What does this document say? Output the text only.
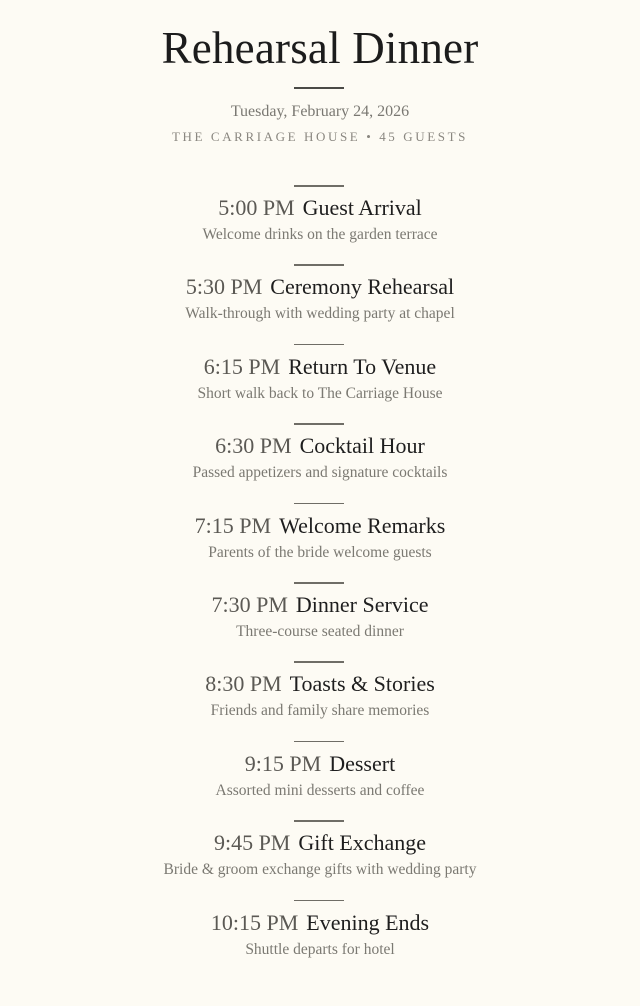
Rehearsal Dinner
Tuesday, February 24, 2026
THE CARRIAGE HOUSE • 45 GUESTS
5:00 PM Guest Arrival
Welcome drinks on the garden terrace
5:30 PM Ceremony Rehearsal
Walk-through with wedding party at chapel
6:15 PM Return To Venue
Short walk back to The Carriage House
6:30 PM Cocktail Hour
Passed appetizers and signature cocktails
7:15 PM Welcome Remarks
Parents of the bride welcome guests
7:30 PM Dinner Service
Three-course seated dinner
8:30 PM Toasts & Stories
Friends and family share memories
9:15 PM Dessert
Assorted mini desserts and coffee
9:45 PM Gift Exchange
Bride & groom exchange gifts with wedding party
10:15 PM Evening Ends
Shuttle departs for hotel
